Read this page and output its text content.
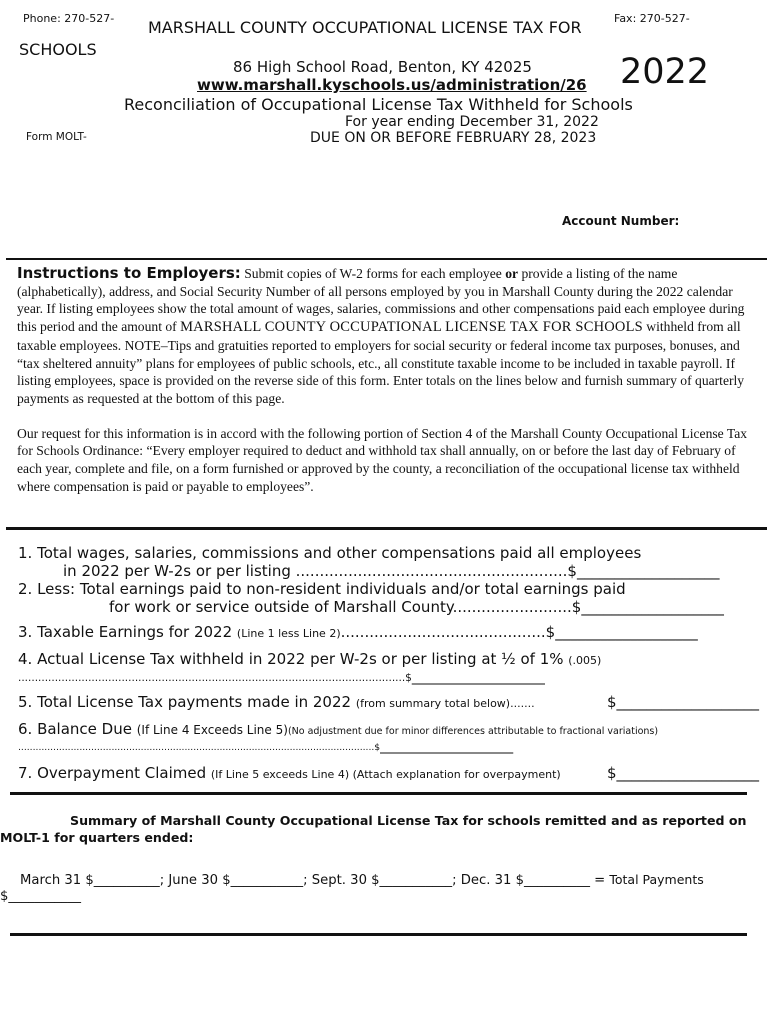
Phone: 270-527-	Fax: 270-527-
MARSHALL COUNTY OCCUPATIONAL LICENSE TAX FOR
SCHOOLS
86 High School Road, Benton, KY 42025
www.marshall.kyschools.us/administration/26 2022
Reconciliation of Occupational License Tax Withheld for Schools
For year ending December 31, 2022
Form MOLT-	DUE ON OR BEFORE FEBRUARY 28, 2023
Account Number:

Instructions to Employers: Submit copies of W-2 forms for each employee or provide a listing of the name (alphabetically), address, and Social Security Number of all persons employed by you in Marshall County during the 2022 calendar year. If listing employees show the total amount of wages, salaries, commissions and other compensations paid each employee during this period and the amount of MARSHALL COUNTY OCCUPATIONAL LICENSE TAX FOR SCHOOLS withheld from all taxable employees. NOTE–Tips and gratuities reported to employers for social security or federal income tax purposes, bonuses, and “tax sheltered annuity” plans for employees of public schools, etc., all constitute taxable income to be included in taxable payroll. If listing employees, space is provided on the reverse side of this form. Enter totals on the lines below and furnish summary of quarterly payments as requested at the bottom of this page.

Our request for this information is in accord with the following portion of Section 4 of the Marshall County Occupational License Tax for Schools Ordinance: “Every employer required to deduct and withhold tax shall annually, on or before the last day of February of each year, complete and file, on a form furnished or approved by the county, a reconciliation of the occupational license tax withheld where compensation is paid or payable to employees”.

1. Total wages, salaries, commissions and other compensations paid all employees
in 2022 per W-2s or per listing .........................................................$___________________
2. Less: Total earnings paid to non-resident individuals and/or total earnings paid
for work or service outside of Marshall County.........................$___________________
3. Taxable Earnings for 2022 (Line 1 less Line 2)...........................................$___________________
4. Actual License Tax withheld in 2022 per W-2s or per listing at ½ of 1% (.005)
....................................................................................................................$___________________
5. Total License Tax payments made in 2022 (from summary total below).......	$___________________
6. Balance Due (If Line 4 Exceeds Line 5)(No adjustment due for minor differences attributable to fractional variations)
..........................................................................................................................$___________________
7. Overpayment Claimed (If Line 5 exceeds Line 4) (Attach explanation for overpayment)	$___________________
Summary of Marshall County Occupational License Tax for schools remitted and as reported on
MOLT-1 for quarters ended:
March 31 $__________; June 30 $___________; Sept. 30 $___________; Dec. 31 $__________ = Total Payments
$___________
